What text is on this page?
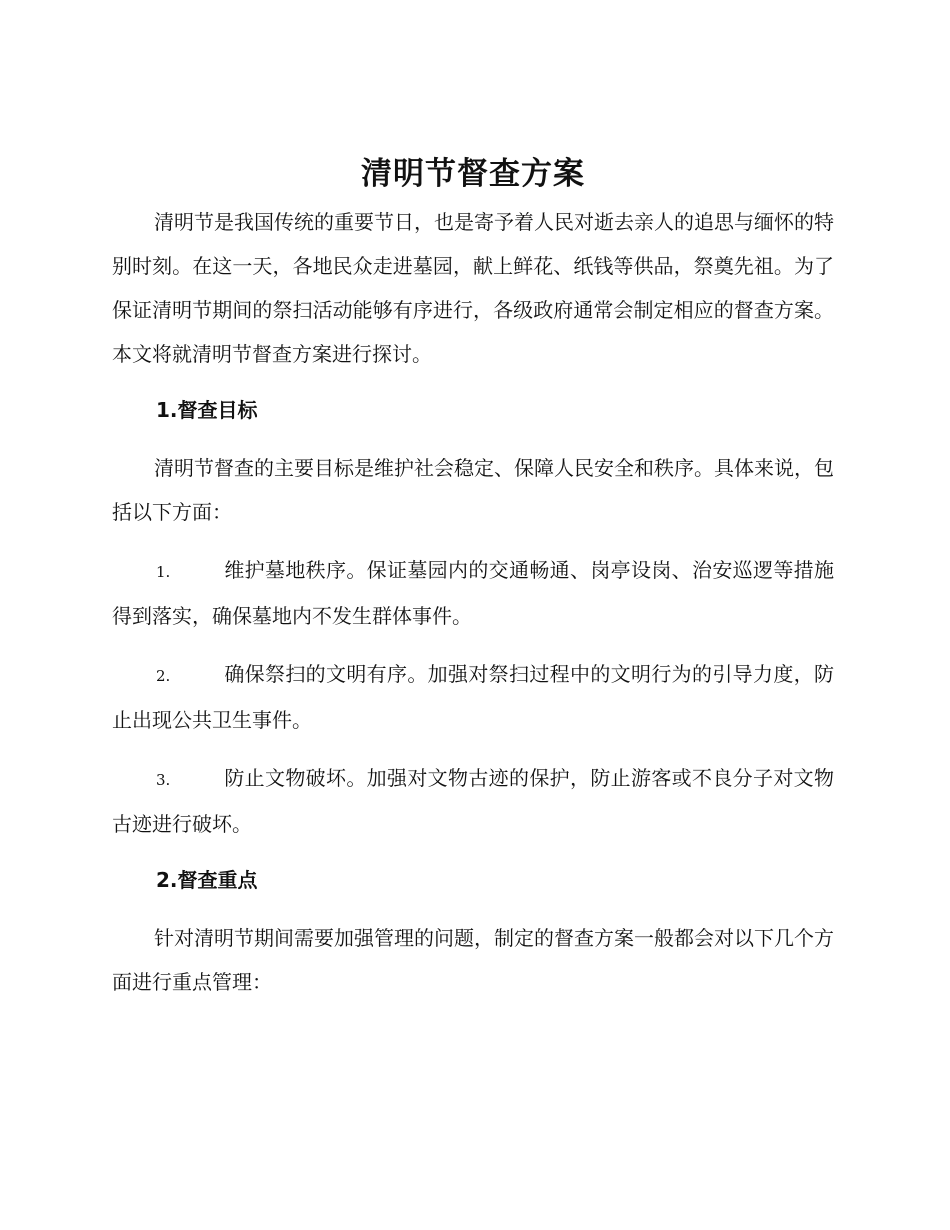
清明节督查方案

清明节是我国传统的重要节日，也是寄予着人民对逝去亲人的追思与缅怀的特别时刻。在这一天，各地民众走进墓园，献上鲜花、纸钱等供品，祭奠先祖。为了保证清明节期间的祭扫活动能够有序进行，各级政府通常会制定相应的督查方案。本文将就清明节督查方案进行探讨。

1.督查目标

清明节督查的主要目标是维护社会稳定、保障人民安全和秩序。具体来说，包括以下方面：

1.	维护墓地秩序。保证墓园内的交通畅通、岗亭设岗、治安巡逻等措施得到落实，确保墓地内不发生群体事件。

2.	确保祭扫的文明有序。加强对祭扫过程中的文明行为的引导力度，防止出现公共卫生事件。

3.	防止文物破坏。加强对文物古迹的保护，防止游客或不良分子对文物古迹进行破坏。

2.督查重点

针对清明节期间需要加强管理的问题，制定的督查方案一般都会对以下几个方面进行重点管理：
